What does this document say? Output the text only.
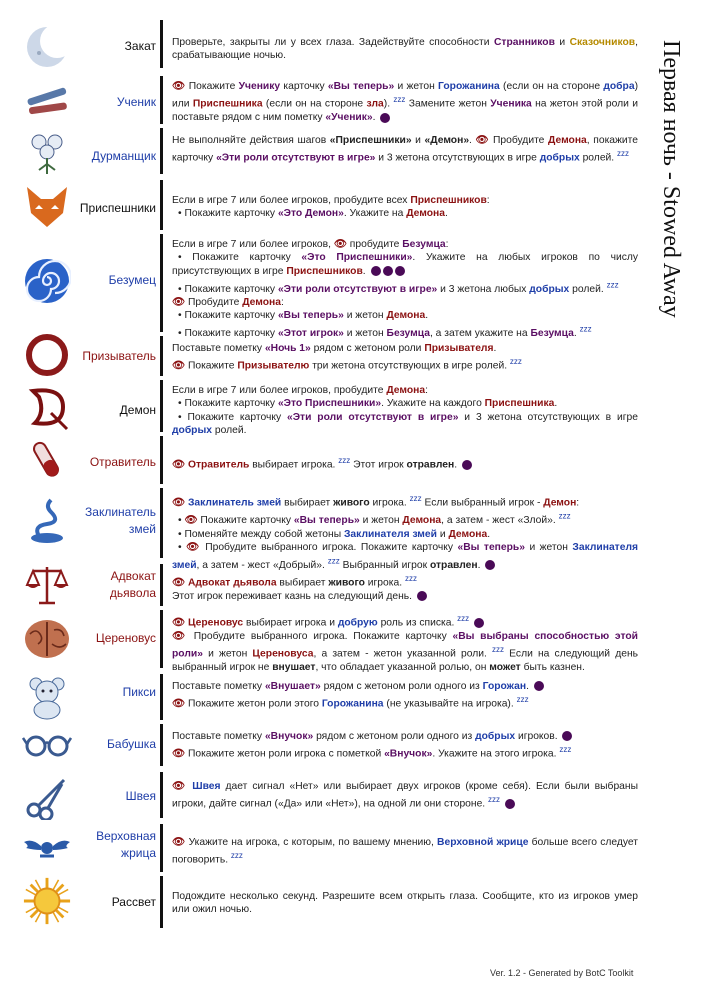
Закат Проверьте, закрыты ли у всех глаза. Задействуйте способности Странников и Сказочников, срабатывающие ночью.
Ученик
👁 Покажите Ученику карточку «Вы теперь» и жетон Горожанина (если он на стороне добра) или Приспешника (если он на стороне зла). $^{zzz}$ Замените жетон Ученика на жетон этой роли и поставьте рядом с ним пометку «Ученик».
Дурманщик
Не выполняйте действия шагов «Приспешники» и «Демон». 👁 Пробудите Демона, покажите карточку «Эти роли отсутствуют в игре» и 3 жетона отсутствующих в игре добрых ролей. $^{zzz}$
Приспешники
Если в игре 7 или более игроков, пробудите всех Приспешников:
• Покажите карточку «Это Демон». Укажите на Демона.
Безумец
Если в игре 7 или более игроков, 👁 пробудите Безумца:
• Покажите карточку «Это Приспешники». Укажите на любых игроков по числу присутствующих в игре Приспешников.
• Покажите карточку «Эти роли отсутствуют в игре» и 3 жетона любых добрых ролей. $^{zzz}$
👁 Пробудите Демона:
• Покажите карточку «Вы теперь» и жетон Демона.
• Покажите карточку «Этот игрок» и жетон Безумца, а затем укажите на Безумца. $^{zzz}$
Призыватель
Поставьте пометку «Ночь 1» рядом с жетоном роли Призывателя.
👁 Покажите Призывателю три жетона отсутствующих в игре ролей. $^{zzz}$
Демон
Если в игре 7 или более игроков, пробудите Демона:
• Покажите карточку «Это Приспешники». Укажите на каждого Приспешника.
• Покажите карточку «Эти роли отсутствуют в игре» и 3 жетона отсутствующих в игре добрых ролей.
Отравитель 👁 Отравитель выбирает игрока. $^{zzz}$ Этот игрок отравлен.
Заклинатель змей
👁 Заклинатель змей выбирает живого игрока. $^{zzz}$ Если выбранный игрок - Демон:
• 👁 Покажите карточку «Вы теперь» и жетон Демона, а затем - жест «Злой». $^{zzz}$
• Поменяйте между собой жетоны Заклинателя змей и Демона.
• 👁 Пробудите выбранного игрока. Покажите карточку «Вы теперь» и жетон Заклинателя змей, а затем - жест «Добрый». $^{zzz}$ Выбранный игрок отравлен.
Адвокат дьявола
👁 Адвокат дьявола выбирает живого игрока. $^{zzz}$
Этот игрок переживает казнь на следующий день.
Цереновус
👁 Цереновус выбирает игрока и добрую роль из списка. $^{zzz}$
👁 Пробудите выбранного игрока. Покажите карточку «Вы выбраны способностью этой роли» и жетон Цереновуса, а затем - жетон указанной роли. $^{zzz}$ Если на следующий день выбранный игрок не внушает, что обладает указанной ролью, он может быть казнен.
Пикси Поставьте пометку «Внушает» рядом с жетоном роли одного из Горожан.
👁 Покажите жетон роли этого Горожанина (не указывайте на игрока). $^{zzz}$
Бабушка
Поставьте пометку «Внучок» рядом с жетоном роли одного из добрых игроков.
👁 Покажите жетон роли игрока с пометкой «Внучок». Укажите на этого игрока. $^{zzz}$
Швея
👁 Швея дает сигнал «Нет» или выбирает двух игроков (кроме себя). Если были выбраны игроки, дайте сигнал («Да» или «Нет»), на одной ли они стороне. $^{zzz}$
Верховная жрица
👁 Укажите на игрока, с которым, по вашему мнению, Верховной жрице больше всего следует поговорить. $^{zzz}$
Рассвет Подождите несколько секунд. Разрешите всем открыть глаза. Сообщите, кто из игроков умер или ожил ночью.
Первая ночь - Stowed Away
Ver. 1.2 - Generated by BotC Toolkit
